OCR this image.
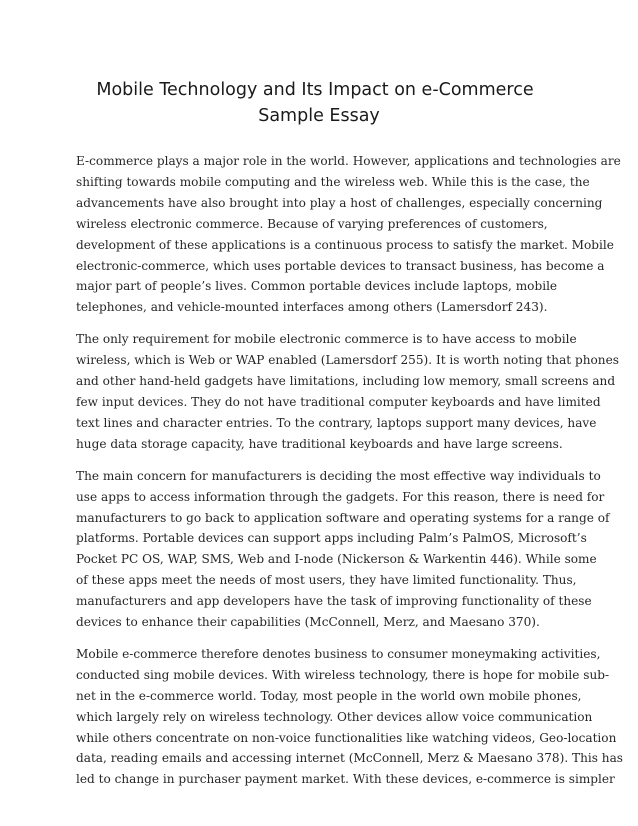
Mobile Technology and Its Impact on e-Commerce
Sample Essay

E-commerce plays a major role in the world. However, applications and technologies are
shifting towards mobile computing and the wireless web. While this is the case, the
advancements have also brought into play a host of challenges, especially concerning
wireless electronic commerce. Because of varying preferences of customers,
development of these applications is a continuous process to satisfy the market. Mobile
electronic-commerce, which uses portable devices to transact business, has become a
major part of people’s lives. Common portable devices include laptops, mobile
telephones, and vehicle-mounted interfaces among others (Lamersdorf 243).

The only requirement for mobile electronic commerce is to have access to mobile
wireless, which is Web or WAP enabled (Lamersdorf 255). It is worth noting that phones
and other hand-held gadgets have limitations, including low memory, small screens and
few input devices. They do not have traditional computer keyboards and have limited
text lines and character entries. To the contrary, laptops support many devices, have
huge data storage capacity, have traditional keyboards and have large screens.

The main concern for manufacturers is deciding the most effective way individuals to
use apps to access information through the gadgets. For this reason, there is need for
manufacturers to go back to application software and operating systems for a range of
platforms. Portable devices can support apps including Palm’s PalmOS, Microsoft’s
Pocket PC OS, WAP, SMS, Web and I-node (Nickerson & Warkentin 446). While some
of these apps meet the needs of most users, they have limited functionality. Thus,
manufacturers and app developers have the task of improving functionality of these
devices to enhance their capabilities (McConnell, Merz, and Maesano 370).

Mobile e-commerce therefore denotes business to consumer moneymaking activities,
conducted sing mobile devices. With wireless technology, there is hope for mobile sub-
net in the e-commerce world. Today, most people in the world own mobile phones,
which largely rely on wireless technology. Other devices allow voice communication
while others concentrate on non-voice functionalities like watching videos, Geo-location
data, reading emails and accessing internet (McConnell, Merz & Maesano 378). This has
led to change in purchaser payment market. With these devices, e-commerce is simpler
